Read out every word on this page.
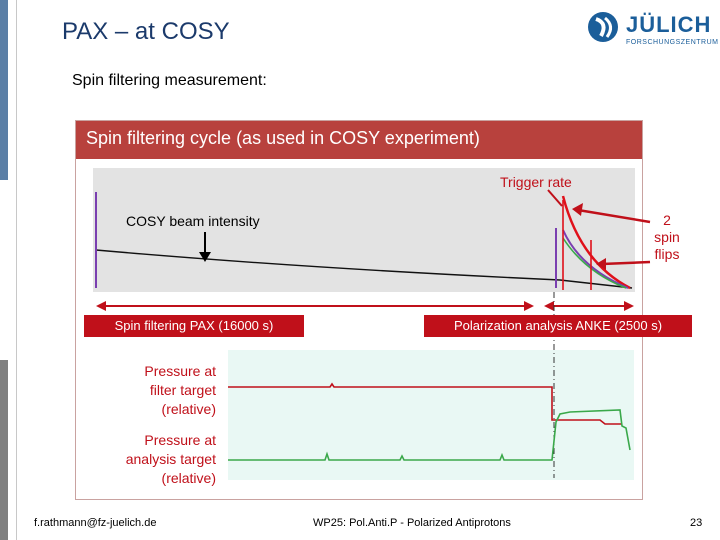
PAX – at COSY	JÜLICH
FORSCHUNGSZENTRUM
Spin filtering measurement:
Spin filtering cycle (as used in COSY experiment)
Trigger rate
COSY beam intensity	2
spin
flips
Spin filtering PAX (16000 s)	Polarization analysis ANKE (2500 s)
Pressure at
filter target
(relative)
Pressure at
analysis target
(relative)
f.rathmann@fz-juelich.de	WP25: Pol.Anti.P - Polarized Antiprotons	23
